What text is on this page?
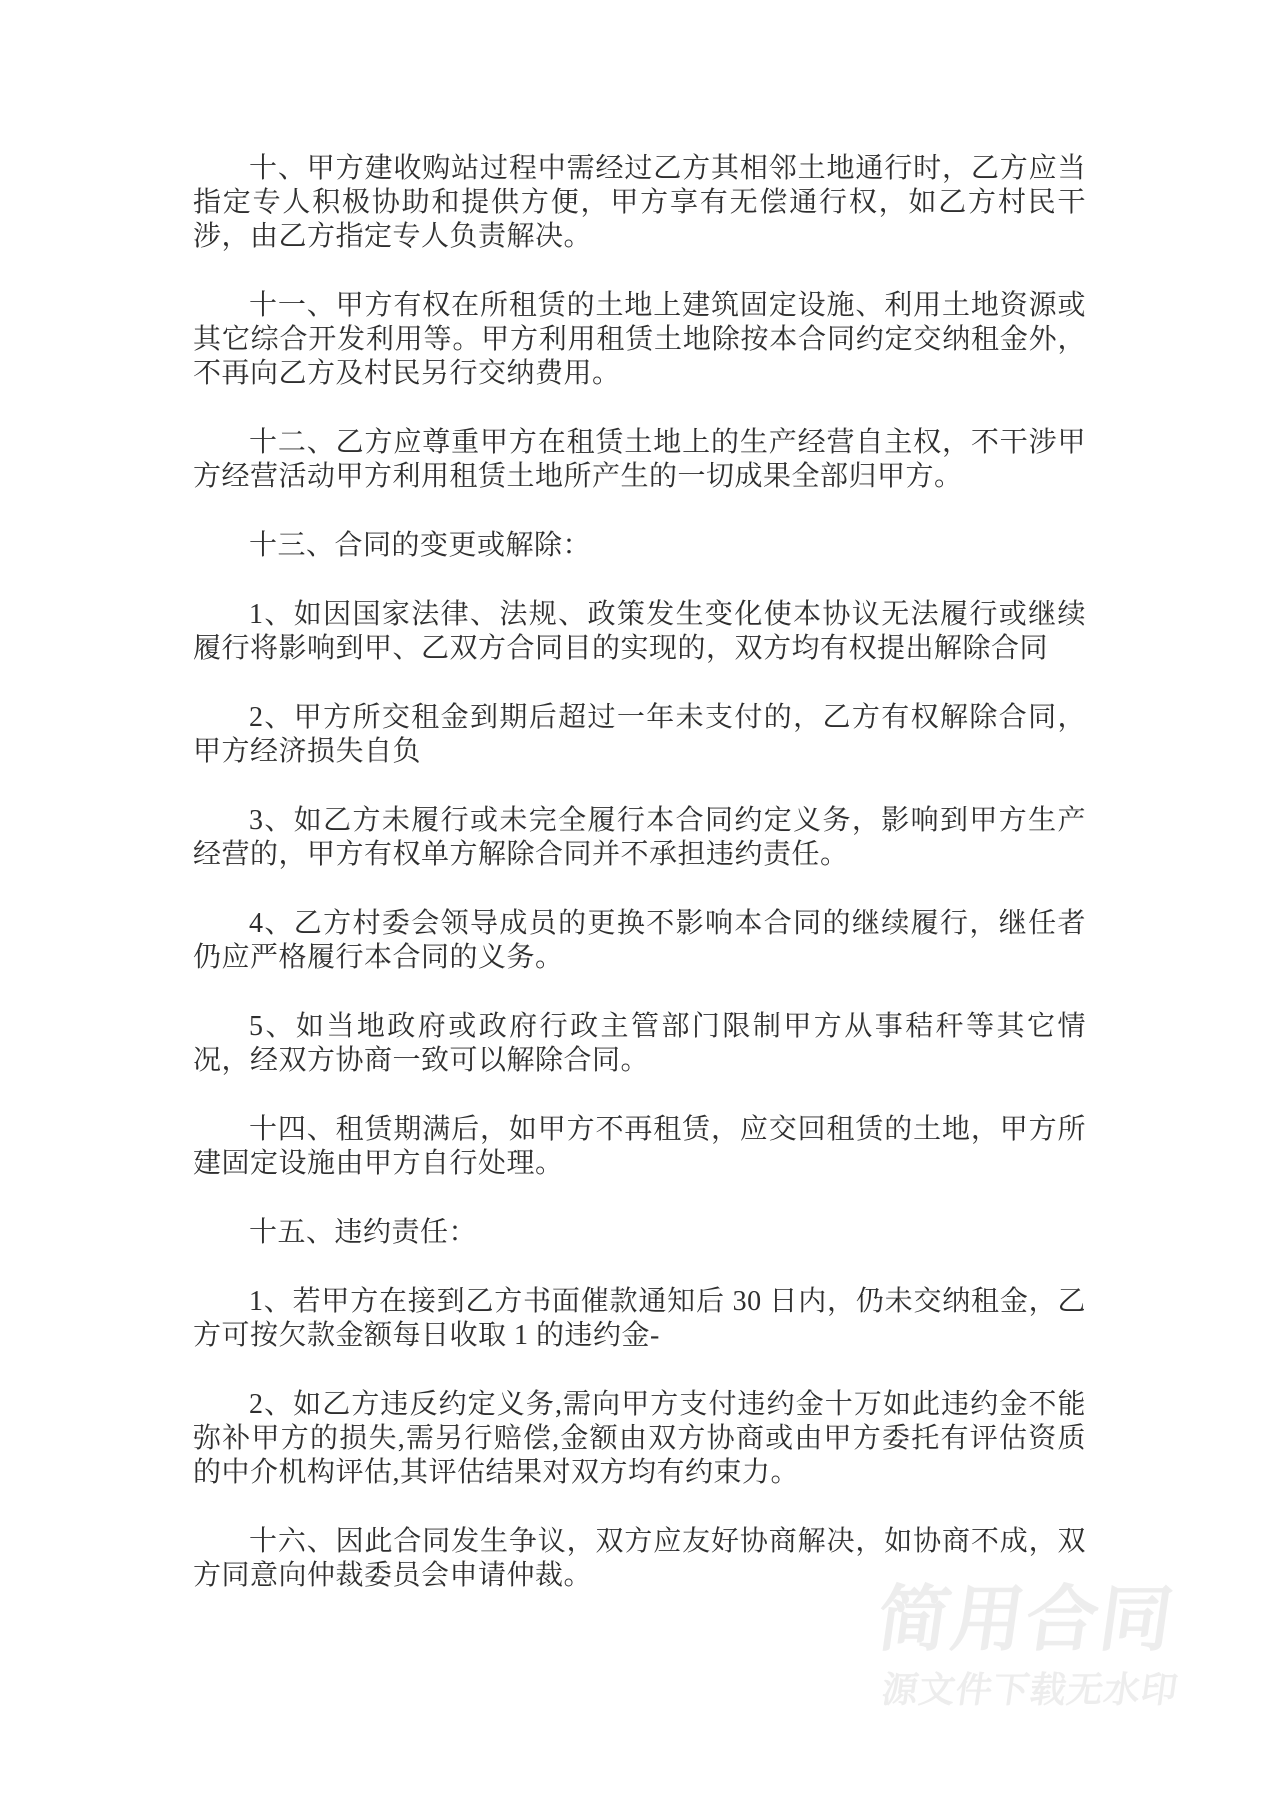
十、甲方建收购站过程中需经过乙方其相邻土地通行时，乙方应当指定专人积极协助和提供方便，甲方享有无偿通行权，如乙方村民干涉，由乙方指定专人负责解决。

十一、甲方有权在所租赁的土地上建筑固定设施、利用土地资源或其它综合开发利用等。甲方利用租赁土地除按本合同约定交纳租金外，不再向乙方及村民另行交纳费用。

十二、乙方应尊重甲方在租赁土地上的生产经营自主权，不干涉甲方经营活动甲方利用租赁土地所产生的一切成果全部归甲方。

十三、合同的变更或解除：

1、如因国家法律、法规、政策发生变化使本协议无法履行或继续履行将影响到甲、乙双方合同目的实现的，双方均有权提出解除合同

2、甲方所交租金到期后超过一年未支付的，乙方有权解除合同，甲方经济损失自负

3、如乙方未履行或未完全履行本合同约定义务，影响到甲方生产经营的，甲方有权单方解除合同并不承担违约责任。

4、乙方村委会领导成员的更换不影响本合同的继续履行，继任者仍应严格履行本合同的义务。

5、如当地政府或政府行政主管部门限制甲方从事秸秆等其它情况，经双方协商一致可以解除合同。

十四、租赁期满后，如甲方不再租赁，应交回租赁的土地，甲方所建固定设施由甲方自行处理。

十五、违约责任：

1、若甲方在接到乙方书面催款通知后 30 日内，仍未交纳租金，乙方可按欠款金额每日收取 1 的违约金-

2、如乙方违反约定义务,需向甲方支付违约金十万如此违约金不能弥补甲方的损失,需另行赔偿,金额由双方协商或由甲方委托有评估资质的中介机构评估,其评估结果对双方均有约束力。

十六、因此合同发生争议，双方应友好协商解决，如协商不成，双方同意向仲裁委员会申请仲裁。

简用合同
源文件下载无水印
